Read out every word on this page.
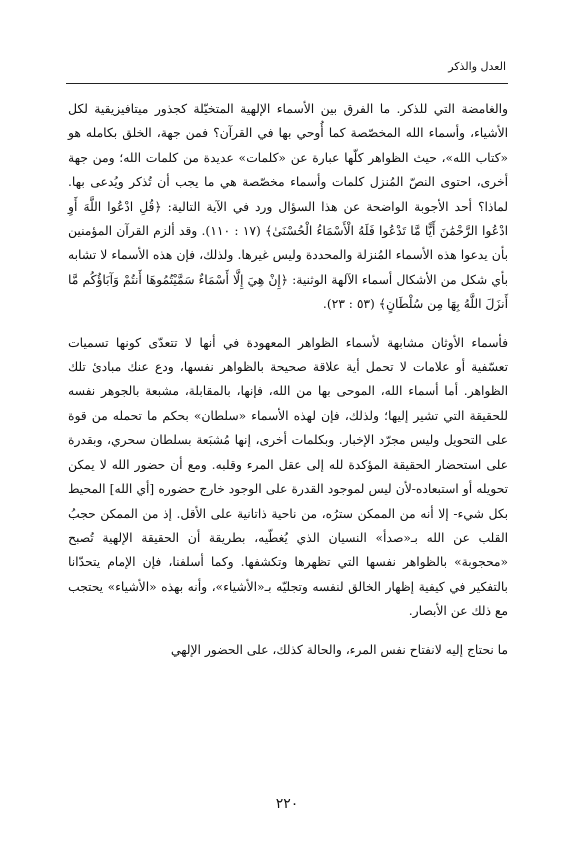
العدل والذكر

والغامضة التي للذكر. ما الفرق بين الأسماء الإلهية المتخيّلة كجذور ميتافيزيقية لكل الأشياء، وأسماء الله المخصّصة كما أُوحي بها في القرآن؟ فمن جهة، الخلق بكامله هو «كتاب الله»، حيث الظواهر كلّها عبارة عن «كلمات» عديدة من كلمات الله؛ ومن جهة أخرى، احتوى النصّ المُنزل كلمات وأسماء مخصّصة هي ما يجب أن تُذكر ويُدعى بها. لماذا؟ أحد الأجوبة الواضحة عن هذا السؤال ورد في الآية التالية: ﴿قُلِ ادْعُوا اللَّهَ أَوِ ادْعُوا الرَّحْمَٰنَ أَيًّا مَّا تَدْعُوا فَلَهُ الْأَسْمَاءُ الْحُسْنَىٰ﴾ (١٧ : ١١٠). وقد ألزم القرآن المؤمنين بأن يدعوا هذه الأسماء المُنزلة والمحددة وليس غيرها. ولذلك، فإن هذه الأسماء لا تشابه بأي شكل من الأشكال أسماء الآلهة الوثنية: ﴿إِنْ هِيَ إِلَّا أَسْمَاءٌ سَمَّيْتُمُوهَا أَنتُمْ وَآبَاؤُكُم مَّا أَنزَلَ اللَّهُ بِهَا مِن سُلْطَانٍ﴾ (٥٣ : ٢٣).

فأسماء الأوثان مشابهة لأسماء الظواهر المعهودة في أنها لا تتعدّى كونها تسميات تعسّفية أو علامات لا تحمل أية علاقة صحيحة بالظواهر نفسها، ودع عنك مبادئ تلك الظواهر. أما أسماء الله، الموحى بها من الله، فإنها، بالمقابلة، مشبعة بالجوهر نفسه للحقيقة التي تشير إليها؛ ولذلك، فإن لهذه الأسماء «سلطان» بحكم ما تحمله من قوة على التحويل وليس مجرّد الإخبار. وبكلمات أخرى، إنها مُشبَعة بسلطان سحري، وبقدرة على استحضار الحقيقة المؤكدة لله إلى عقل المرء وقلبه. ومع أن حضور الله لا يمكن تحويله أو استبعاده-لأن ليس لموجود القدرة على الوجود خارج حضوره [أي الله] المحيط بكل شيء- إلا أنه من الممكن سترُه، من ناحية ذاتانية على الأقل. إذ من الممكن حجبُ القلب عن الله بـ«صدأ» النسيان الذي يُغطّيه، بطريقة أن الحقيقة الإلهية تُصبح «محجوبة» بالظواهر نفسها التي تظهرها وتكشفها. وكما أسلفنا، فإن الإمام يتحدّانا بالتفكير في كيفية إظهار الخالق لنفسه وتجليّه بـ«الأشياء»، وأنه بهذه «الأشياء» يحتجب مع ذلك عن الأبصار.

ما نحتاج إليه لانفتاح نفس المرء، والحالة كذلك، على الحضور الإلهي

٢٢٠
